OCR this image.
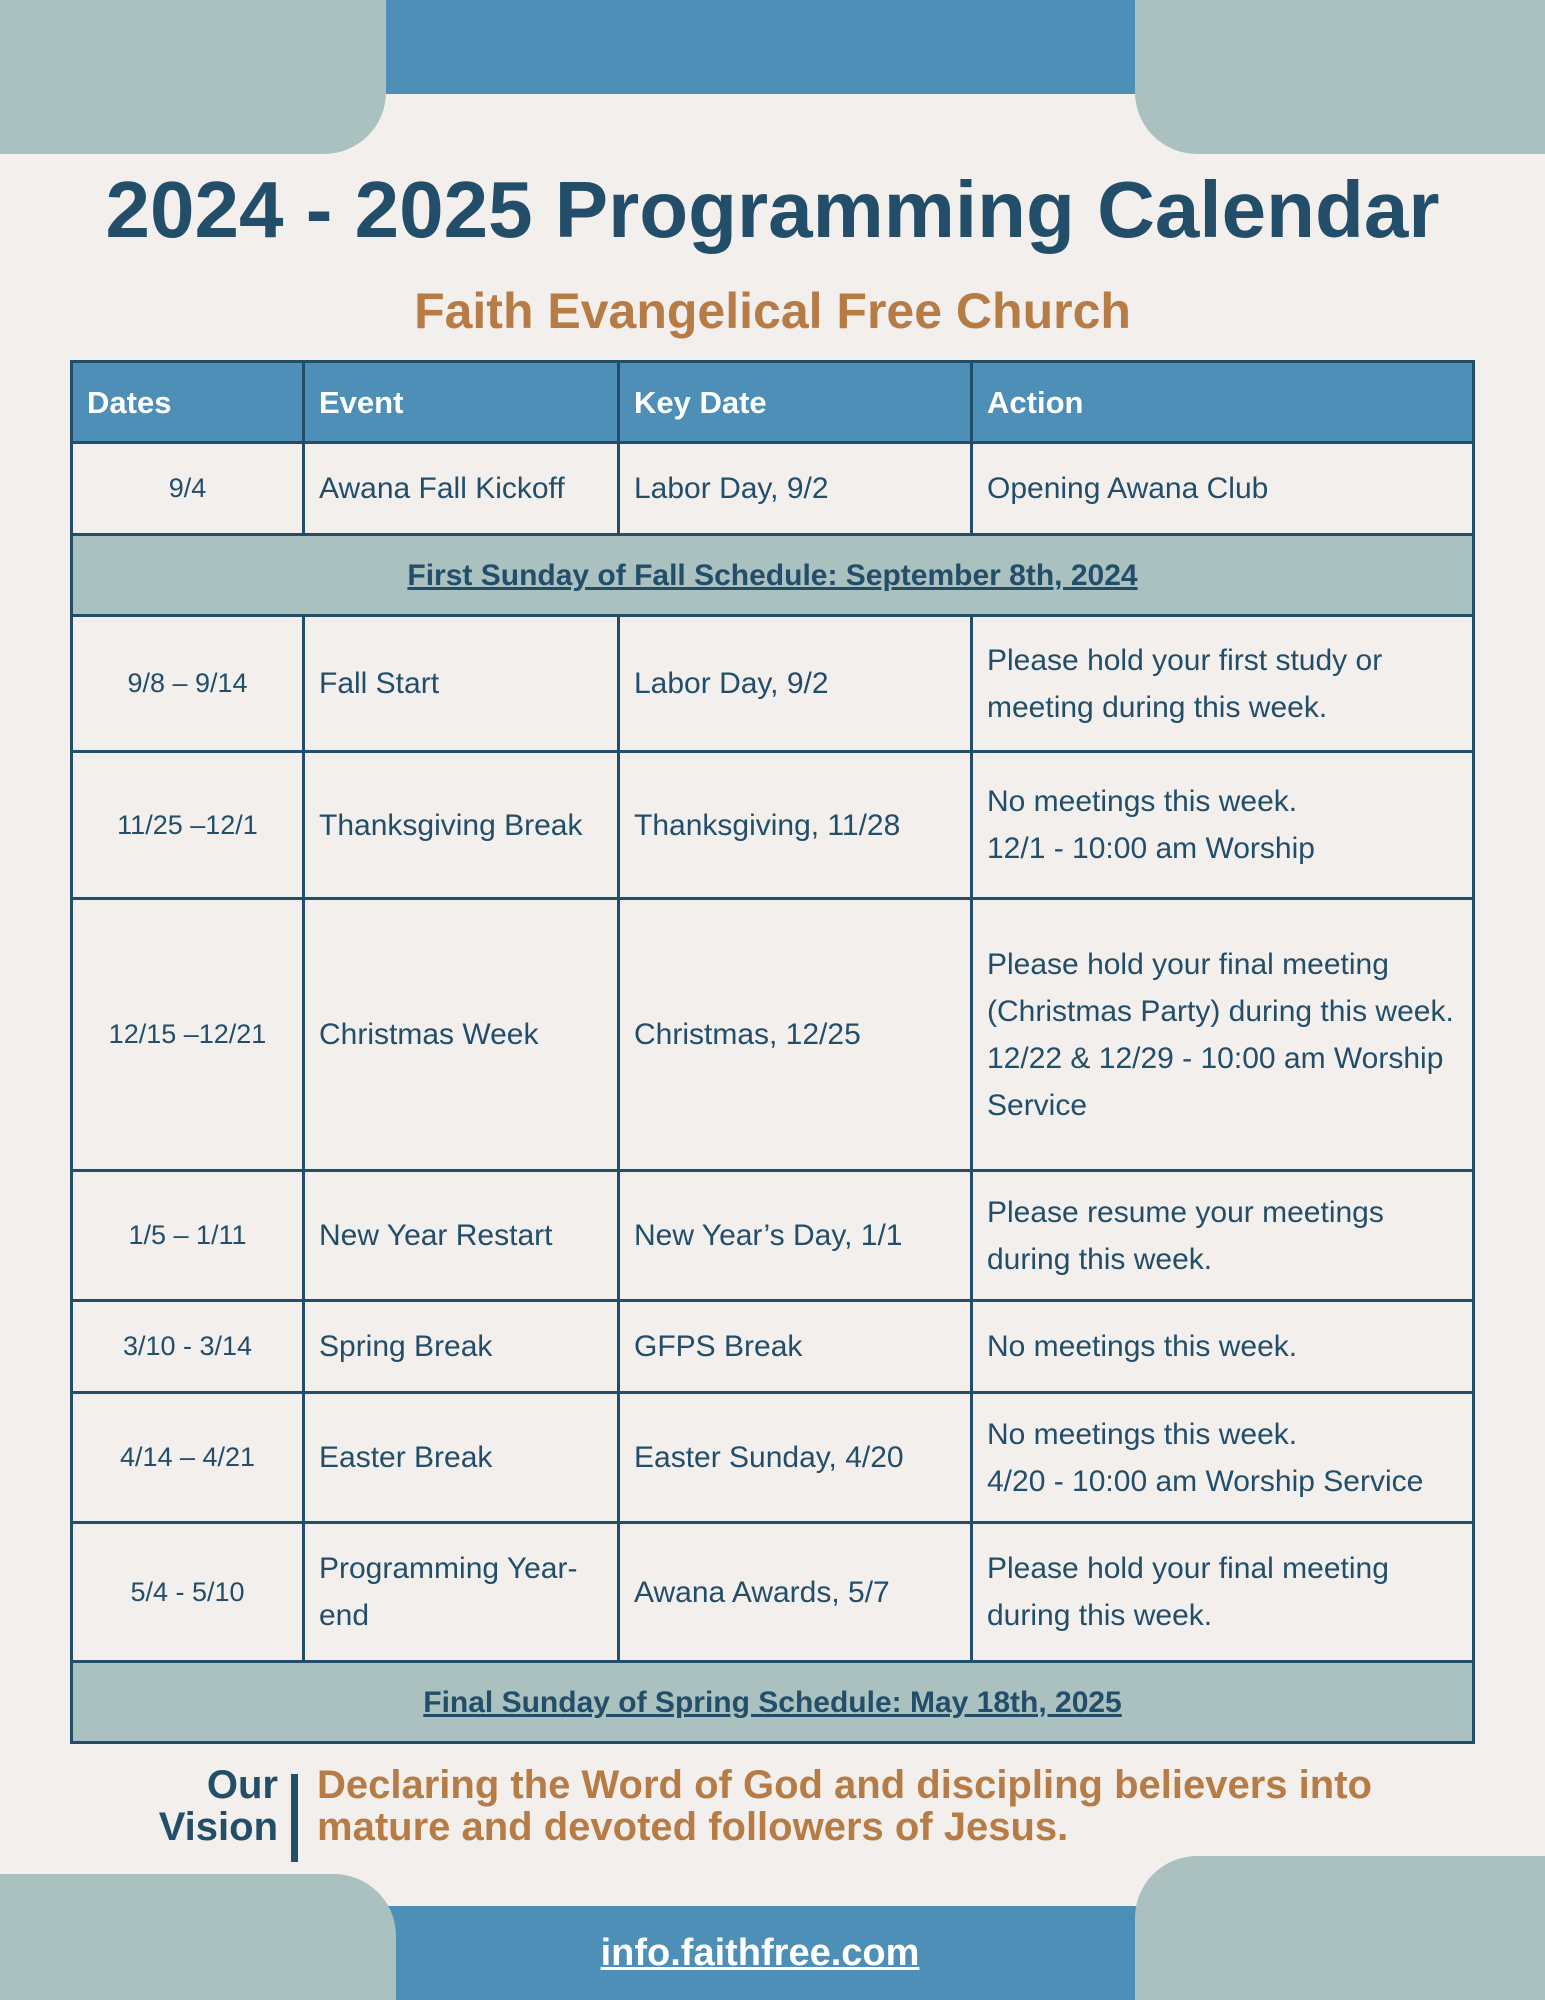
2024 - 2025 Programming Calendar
Faith Evangelical Free Church
Dates	Event	Key Date	Action
9/4	Awana Fall Kickoff	Labor Day, 9/2	Opening Awana Club

First Sunday of Fall Schedule: September 8th, 2024			
9/8 – 9/14	Fall Start	Labor Day, 9/2	Please hold your first study or meeting during this week.

11/25 –12/1	Thanksgiving Break	Thanksgiving, 11/28	No meetings this week.
12/1 - 10:00 am Worship

12/15 –12/21	Christmas Week	Christmas, 12/25	Please hold your final meeting (Christmas Party) during this week.
12/22 & 12/29 - 10:00 am Worship Service

1/5 – 1/11	New Year Restart	New Year’s Day, 1/1	Please resume your meetings during this week.

3/10 - 3/14	Spring Break	GFPS Break	No meetings this week.

4/14 – 4/21	Easter Break	Easter Sunday, 4/20	No meetings this week.
4/20 - 10:00 am Worship Service

5/4 - 5/10	Programming Year-end	Awana Awards, 5/7	Please hold your final meeting during this week.

Final Sunday of Spring Schedule: May 18th, 2025			
Our Vision
Declaring the Word of God and discipling believers into mature and devoted followers of Jesus.
info.faithfree.com
